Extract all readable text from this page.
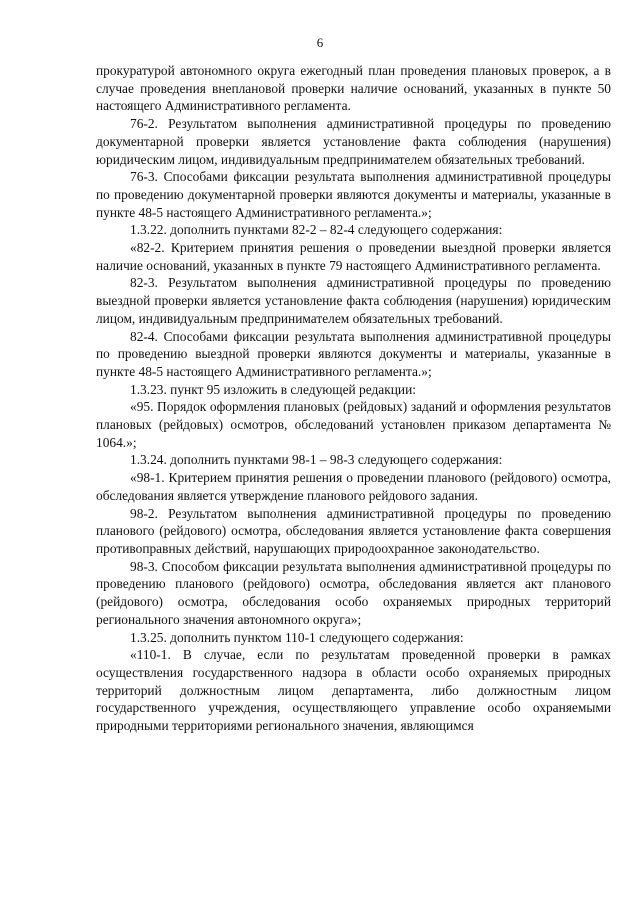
6

прокуратурой автономного округа ежегодный план проведения плановых проверок, а в случае проведения внеплановой проверки наличие оснований, указанных в пункте 50 настоящего Административного регламента.

76-2. Результатом выполнения административной процедуры по проведению документарной проверки является установление факта соблюдения (нарушения) юридическим лицом, индивидуальным предпринимателем обязательных требований.

76-3. Способами фиксации результата выполнения административной процедуры по проведению документарной проверки являются документы и материалы, указанные в пункте 48-5 настоящего Административного регламента.»;

1.3.22. дополнить пунктами 82-2 – 82-4 следующего содержания:

«82-2. Критерием принятия решения о проведении выездной проверки является наличие оснований, указанных в пункте 79 настоящего Административного регламента.

82-3. Результатом выполнения административной процедуры по проведению выездной проверки является установление факта соблюдения (нарушения) юридическим лицом, индивидуальным предпринимателем обязательных требований.

82-4. Способами фиксации результата выполнения административной процедуры по проведению выездной проверки являются документы и материалы, указанные в пункте 48-5 настоящего Административного регламента.»;

1.3.23. пункт 95 изложить в следующей редакции:

«95. Порядок оформления плановых (рейдовых) заданий и оформления результатов плановых (рейдовых) осмотров, обследований установлен приказом департамента № 1064.»;

1.3.24. дополнить пунктами 98-1 – 98-3 следующего содержания:

«98-1. Критерием принятия решения о проведении планового (рейдового) осмотра, обследования является утверждение планового рейдового задания.

98-2. Результатом выполнения административной процедуры по проведению планового (рейдового) осмотра, обследования является установление факта совершения противоправных действий, нарушающих природоохранное законодательство.

98-3. Способом фиксации результата выполнения административной процедуры по проведению планового (рейдового) осмотра, обследования является акт планового (рейдового) осмотра, обследования особо охраняемых природных территорий регионального значения автономного округа»;

1.3.25. дополнить пунктом 110-1 следующего содержания:

«110-1. В случае, если по результатам проведенной проверки в рамках осуществления государственного надзора в области особо охраняемых природных территорий должностным лицом департамента, либо должностным лицом государственного учреждения, осуществляющего управление особо охраняемыми природными территориями регионального значения, являющимся
